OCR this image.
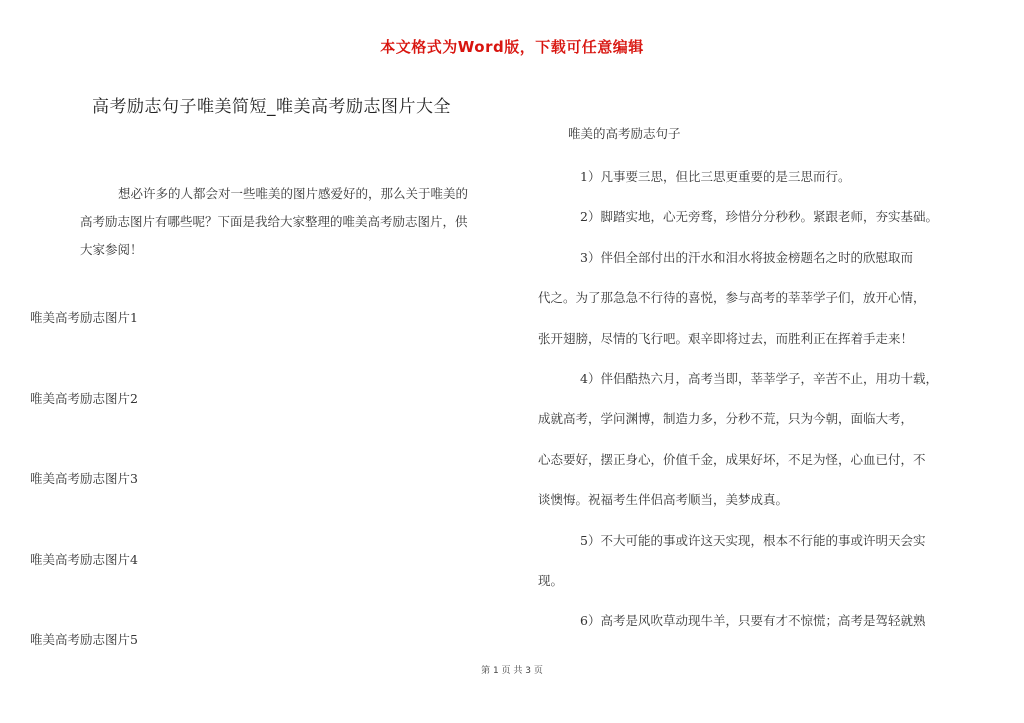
本文格式为Word版，下载可任意编辑
高考励志句子唯美简短_唯美高考励志图片大全

想必许多的人都会对一些唯美的图片感爱好的，那么关于唯美的

高考励志图片有哪些呢？下面是我给大家整理的唯美高考励志图片，供

大家参阅！

唯美高考励志图片1
唯美高考励志图片2
唯美高考励志图片3
唯美高考励志图片4
唯美高考励志图片5
唯美的高考励志句子
1）凡事要三思，但比三思更重要的是三思而行。
2）脚踏实地，心无旁骛，珍惜分分秒秒。紧跟老师，夯实基础。
3）伴侣全部付出的汗水和泪水将披金榜题名之时的欣慰取而
代之。为了那急急不行待的喜悦，参与高考的莘莘学子们，放开心情，
张开翅膀，尽情的飞行吧。艰辛即将过去，而胜利正在挥着手走来！
4）伴侣酷热六月，高考当即，莘莘学子，辛苦不止，用功十载，
成就高考，学问渊博，制造力多，分秒不荒，只为今朝，面临大考，
心态要好，摆正身心，价值千金，成果好坏，不足为怪，心血已付，不
谈懊悔。祝福考生伴侣高考顺当，美梦成真。
5）不大可能的事或许这天实现，根本不行能的事或许明天会实
现。
6）高考是风吹草动现牛羊，只要有才不惊慌；高考是驾轻就熟
第 1 页 共 3 页
